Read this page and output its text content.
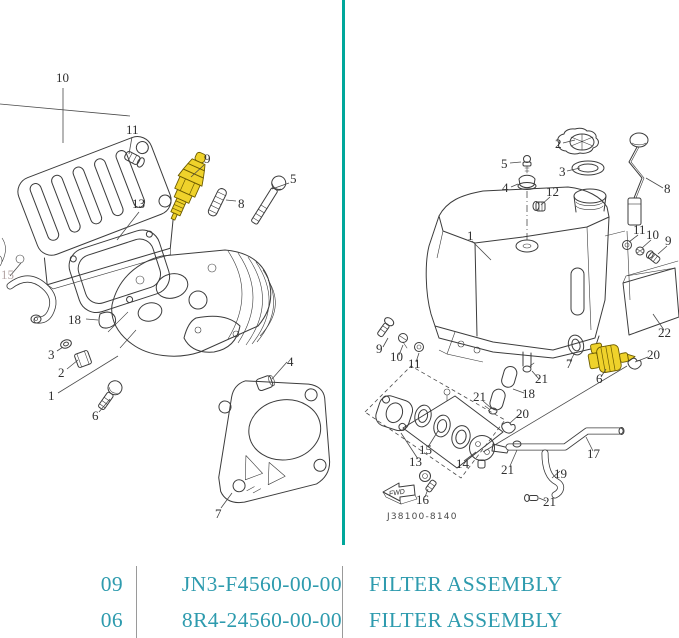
10
11
9
5
8
13
18
3
2
1
6
4
7
15
FWD
J38100-8140
2
3
5
4	12	8
1	11 10 9
22
20
7
6
9
10 11
21
18
21
20
15
13	14
17
19
21
16	21
09	JN3-F4560-00-00	FILTER ASSEMBLY
06	8R4-24560-00-00	FILTER ASSEMBLY
